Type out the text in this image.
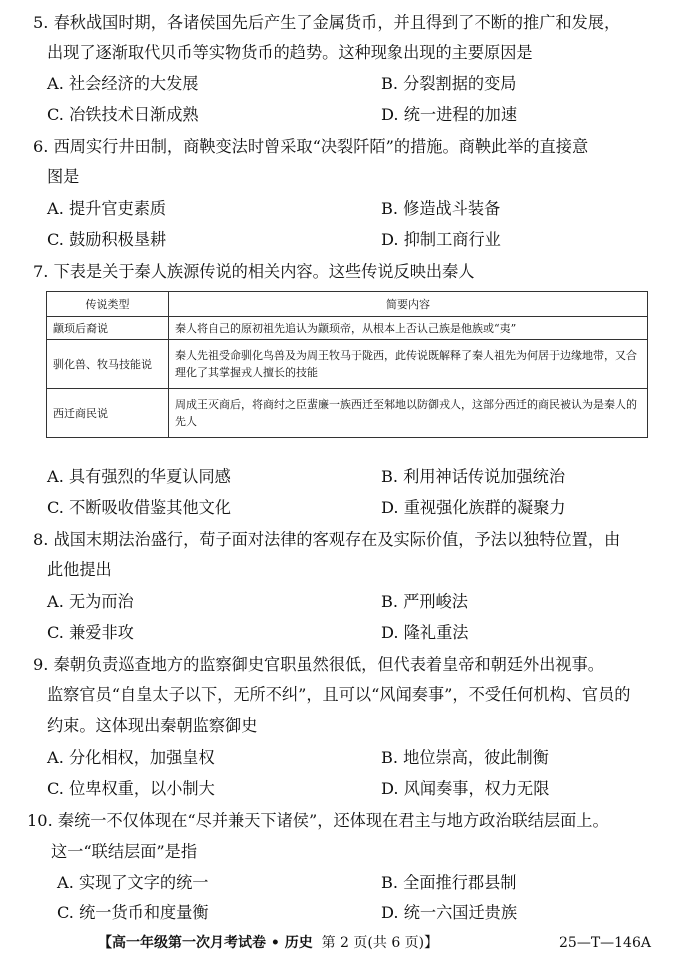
5. 春秋战国时期，各诸侯国先后产生了金属货币，并且得到了不断的推广和发展，
出现了逐渐取代贝币等实物货币的趋势。这种现象出现的主要原因是
A. 社会经济的大发展	B. 分裂割据的变局
C. 冶铁技术日渐成熟	D. 统一进程的加速
6. 西周实行井田制，商鞅变法时曾采取“决裂阡陌”的措施。商鞅此举的直接意
图是
A. 提升官吏素质	B. 修造战斗装备
C. 鼓励积极垦耕	D. 抑制工商行业
7. 下表是关于秦人族源传说的相关内容。这些传说反映出秦人
传说类型	简要内容
颛顼后裔说	秦人将自己的原初祖先追认为颛顼帝，从根本上否认己族是他族或“夷”
驯化兽、牧马技能说	秦人先祖受命驯化鸟兽及为周王牧马于陇西，此传说既解释了秦人祖先为何居于边缘地带，又合理化了其掌握戎人擅长的技能
西迁商民说	周成王灭商后，将商纣之臣蜚廉一族西迁至邾地以防御戎人，这部分西迁的商民被认为是秦人的先人
A. 具有强烈的华夏认同感	B. 利用神话传说加强统治
C. 不断吸收借鉴其他文化	D. 重视强化族群的凝聚力
8. 战国末期法治盛行，荀子面对法律的客观存在及实际价值，予法以独特位置，由
此他提出
A. 无为而治	B. 严刑峻法
C. 兼爱非攻	D. 隆礼重法
9. 秦朝负责巡查地方的监察御史官职虽然很低，但代表着皇帝和朝廷外出视事。
监察官员“自皇太子以下，无所不纠”，且可以“风闻奏事”，不受任何机构、官员的
约束。这体现出秦朝监察御史
A. 分化相权，加强皇权	B. 地位崇高，彼此制衡
C. 位卑权重，以小制大	D. 风闻奏事，权力无限
10. 秦统一不仅体现在“尽并兼天下诸侯”，还体现在君主与地方政治联结层面上。
这一“联结层面”是指
A. 实现了文字的统一	B. 全面推行郡县制
C. 统一货币和度量衡	D. 统一六国迁贵族
【高一年级第一次月考试卷 • 历史 第 2 页(共 6 页)】	25—T—146A
